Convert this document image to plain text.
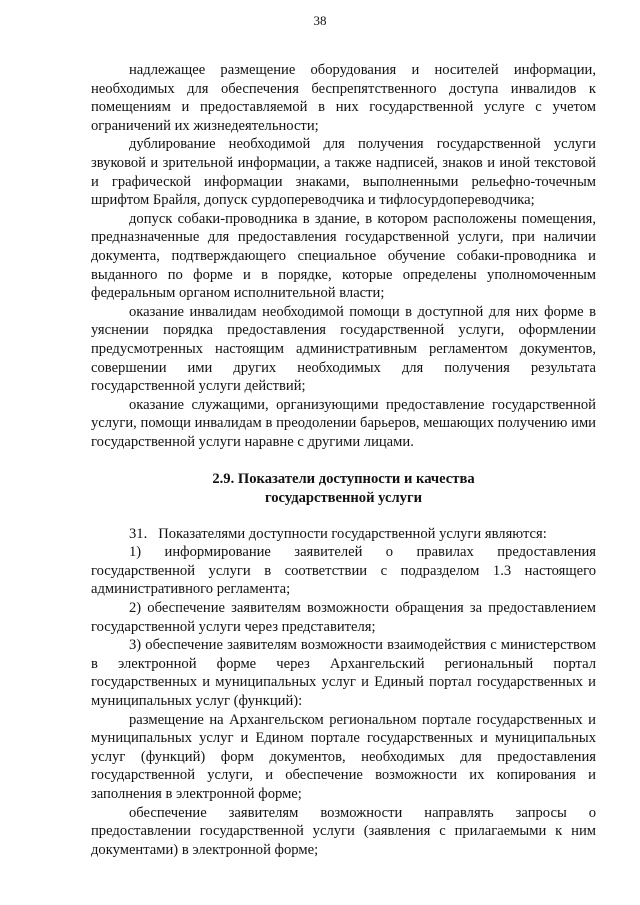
38

надлежащее размещение оборудования и носителей информации, необходимых для обеспечения беспрепятственного доступа инвалидов к помещениям и предоставляемой в них государственной услуге с учетом ограничений их жизнедеятельности;

дублирование необходимой для получения государственной услуги звуковой и зрительной информации, а также надписей, знаков и иной текстовой и графической информации знаками, выполненными рельефно-точечным шрифтом Брайля, допуск сурдопереводчика и тифлосурдопереводчика;

допуск собаки-проводника в здание, в котором расположены помещения, предназначенные для предоставления государственной услуги, при наличии документа, подтверждающего специальное обучение собаки-проводника и выданного по форме и в порядке, которые определены уполномоченным федеральным органом исполнительной власти;

оказание инвалидам необходимой помощи в доступной для них форме в уяснении порядка предоставления государственной услуги, оформлении предусмотренных настоящим административным регламентом документов, совершении ими других необходимых для получения результата государственной услуги действий;

оказание служащими, организующими предоставление государственной услуги, помощи инвалидам в преодолении барьеров, мешающих получению ими государственной услуги наравне с другими лицами.

2.9. Показатели доступности и качества
государственной услуги

31.  Показателями доступности государственной услуги являются:

1) информирование заявителей о правилах предоставления государственной услуги в соответствии с подразделом 1.3 настоящего административного регламента;

2) обеспечение заявителям возможности обращения за предоставлением государственной услуги через представителя;

3) обеспечение заявителям возможности взаимодействия с министерством в электронной форме через Архангельский региональный портал государственных и муниципальных услуг и Единый портал государственных и муниципальных услуг (функций):

размещение на Архангельском региональном портале государственных и муниципальных услуг и Едином портале государственных и муниципальных услуг (функций) форм документов, необходимых для предоставления государственной услуги, и обеспечение возможности их копирования и заполнения в электронной форме;

обеспечение заявителям возможности направлять запросы о предоставлении государственной услуги (заявления с прилагаемыми к ним документами) в электронной форме;
